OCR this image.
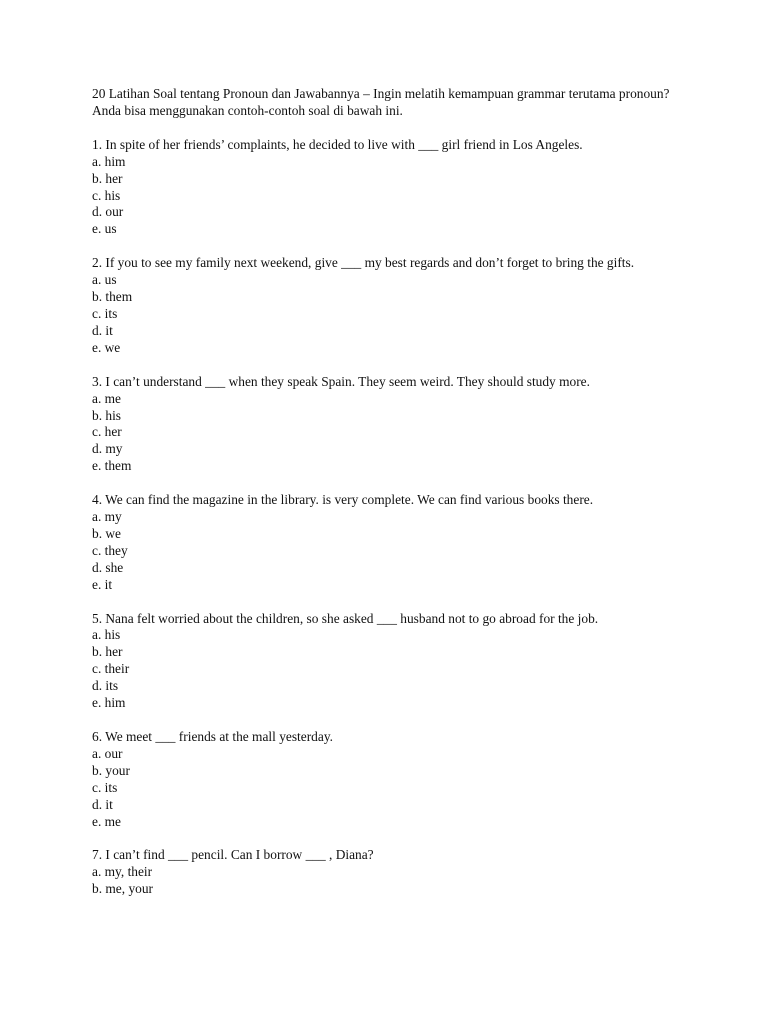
20 Latihan Soal tentang Pronoun dan Jawabannya – Ingin melatih kemampuan grammar terutama pronoun? Anda bisa menggunakan contoh-contoh soal di bawah ini.

1. In spite of her friends’ complaints, he decided to live with ___ girl friend in Los Angeles.

a. him
b. her
c. his
d. our
e. us

2. If you to see my family next weekend, give ___ my best regards and don’t forget to bring the gifts.

a. us
b. them
c. its
d. it
e. we

3. I can’t understand ___ when they speak Spain. They seem weird. They should study more.

a. me
b. his
c. her
d. my
e. them

4. We can find the magazine in the library. is very complete. We can find various books there.

a. my
b. we
c. they
d. she
e. it

5. Nana felt worried about the children, so she asked ___ husband not to go abroad for the job.

a. his
b. her
c. their
d. its
e. him

6. We meet ___ friends at the mall yesterday.

a. our
b. your
c. its
d. it
e. me

7. I can’t find ___ pencil. Can I borrow ___ , Diana?

a. my, their
b. me, your
